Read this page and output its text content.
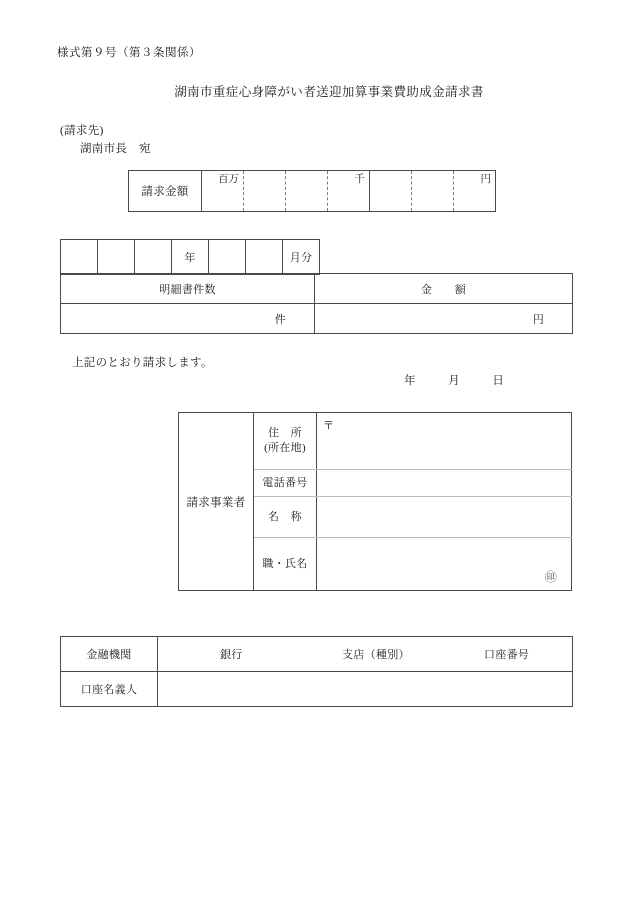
様式第９号（第３条関係）
湖南市重症心身障がい者送迎加算事業費助成金請求書
(請求先)
湖南市長　宛
請求金額	
百万			千			円
			年			月分
明細書件数	金　　額
件	円
上記のとおり請求します。
年	月	日
請求事業者	住　所
(所在地)	〒

	電話番号	
	名　称	
	職・氏名	㊞
金融機関	銀行 支店（種別） 口座番号

口座名義人	
